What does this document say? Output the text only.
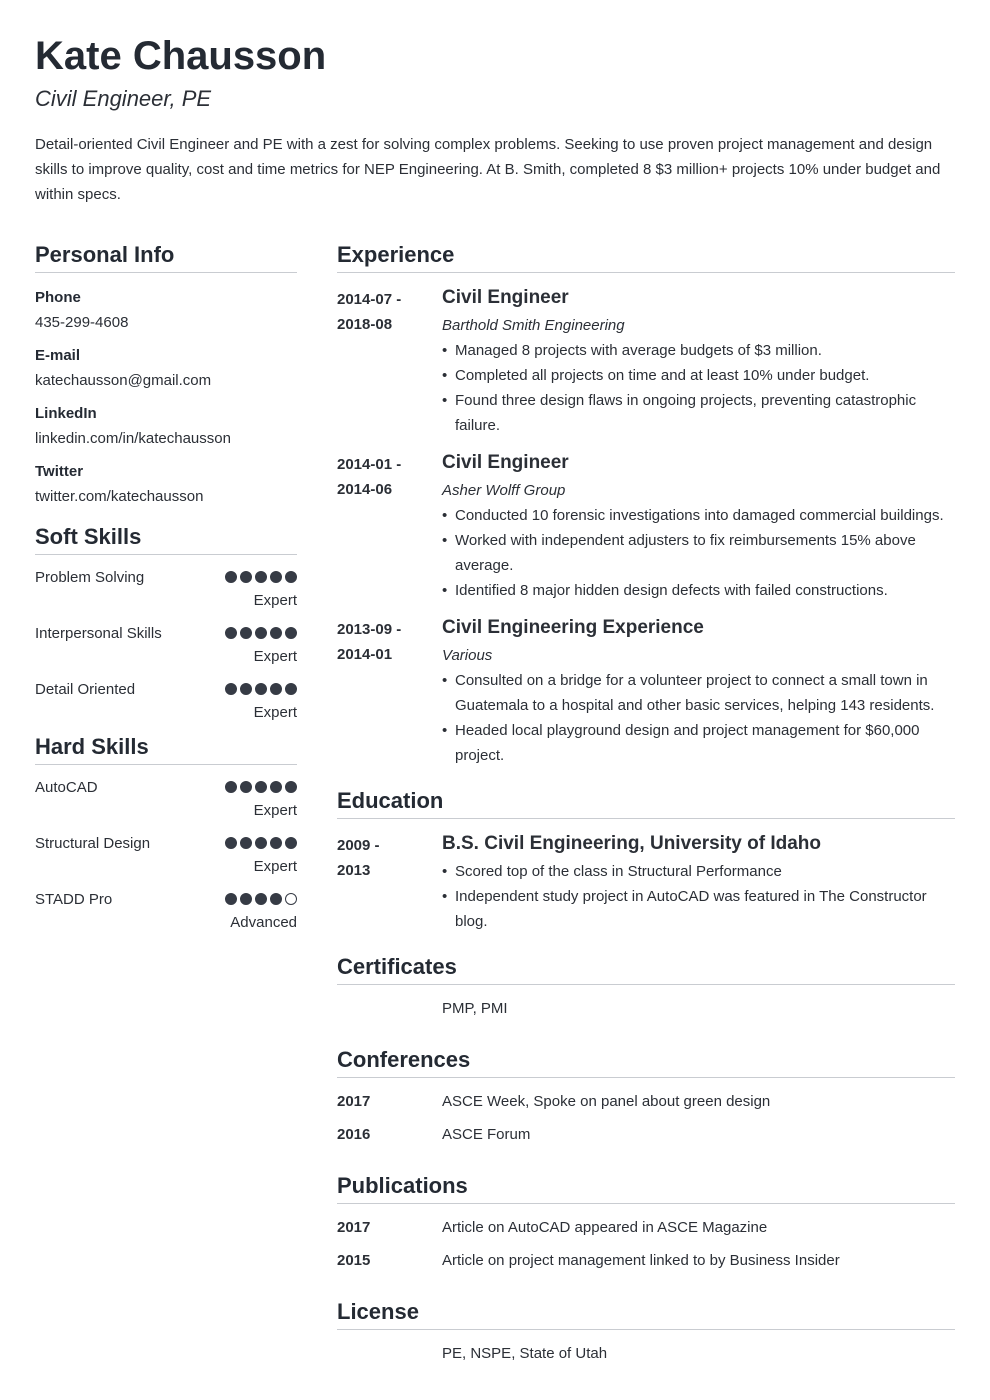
Kate Chausson

Civil Engineer, PE

Detail-oriented Civil Engineer and PE with a zest for solving complex problems. Seeking to use proven project management and design skills to improve quality, cost and time metrics for NEP Engineering. At B. Smith, completed 8 $3 million+ projects 10% under budget and within specs.

Personal Info
Phone
435-299-4608
E-mail
katechausson@gmail.com
LinkedIn
linkedin.com/in/katechausson
Twitter
twitter.com/katechausson
Soft Skills
Problem Solving
Expert
Interpersonal Skills
Expert
Detail Oriented
Expert
Hard Skills
AutoCAD
Expert
Structural Design
Expert
STADD Pro
Advanced
Experience
2014-07 -
2018-08
Civil Engineer
Barthold Smith Engineering
• Managed 8 projects with average budgets of $3 million.
• Completed all projects on time and at least 10% under budget.
• Found three design flaws in ongoing projects, preventing catastrophic failure.
2014-01 -
2014-06
Civil Engineer
Asher Wolff Group
• Conducted 10 forensic investigations into damaged commercial buildings.
• Worked with independent adjusters to fix reimbursements 15% above average.
• Identified 8 major hidden design defects with failed constructions.
2013-09 -
2014-01
Civil Engineering Experience
Various
• Consulted on a bridge for a volunteer project to connect a small town in Guatemala to a hospital and other basic services, helping 143 residents.
• Headed local playground design and project management for $60,000 project.
Education
2009 -
2013
B.S. Civil Engineering, University of Idaho
• Scored top of the class in Structural Performance
• Independent study project in AutoCAD was featured in The Constructor blog.
Certificates
PMP, PMI
Conferences
2017	ASCE Week, Spoke on panel about green design
2016	ASCE Forum
Publications
2017	Article on AutoCAD appeared in ASCE Magazine
2015	Article on project management linked to by Business Insider
License
PE, NSPE, State of Utah
